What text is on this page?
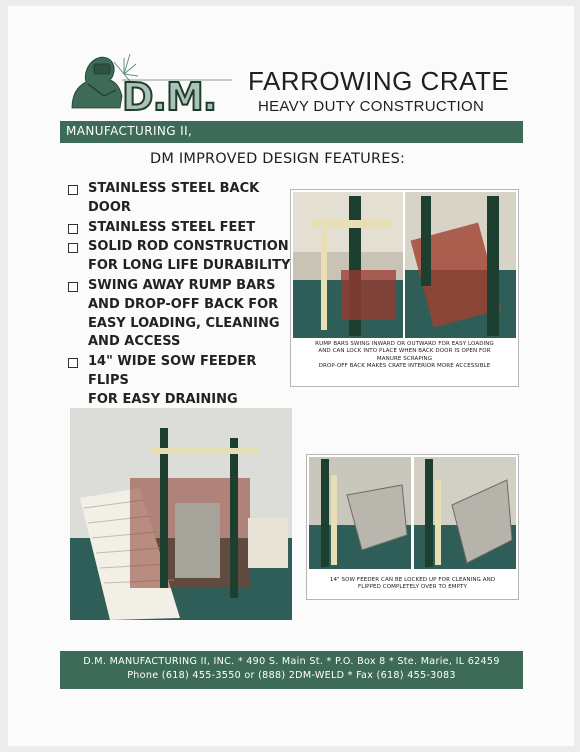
D.M. FARROWING CRATE
HEAVY DUTY CONSTRUCTION
MANUFACTURING II,
DM IMPROVED DESIGN FEATURES:
STAINLESS STEEL BACK DOOR
STAINLESS STEEL FEET
SOLID ROD CONSTRUCTION
FOR LONG LIFE DURABILITY
SWING AWAY RUMP BARS
AND DROP-OFF BACK FOR
EASY LOADING, CLEANING
AND ACCESS
14" WIDE SOW FEEDER FLIPS
FOR EASY DRAINING
RUMP BARS SWING INWARD OR OUTWARD FOR EASY LOADING
AND CAN LOCK INTO PLACE WHEN BACK DOOR IS OPEN FOR
MANURE SCRAPING
DROP-OFF BACK MAKES CRATE INTERIOR MORE ACCESSIBLE
14" SOW FEEDER CAN BE LOCKED UP FOR CLEANING AND
FLIPPED COMPLETELY OVER TO EMPTY
D.M. MANUFACTURING II, INC. * 490 S. Main St. * P.O. Box 8 * Ste. Marie, IL 62459
Phone (618) 455-3550 or (888) 2DM-WELD * Fax (618) 455-3083
